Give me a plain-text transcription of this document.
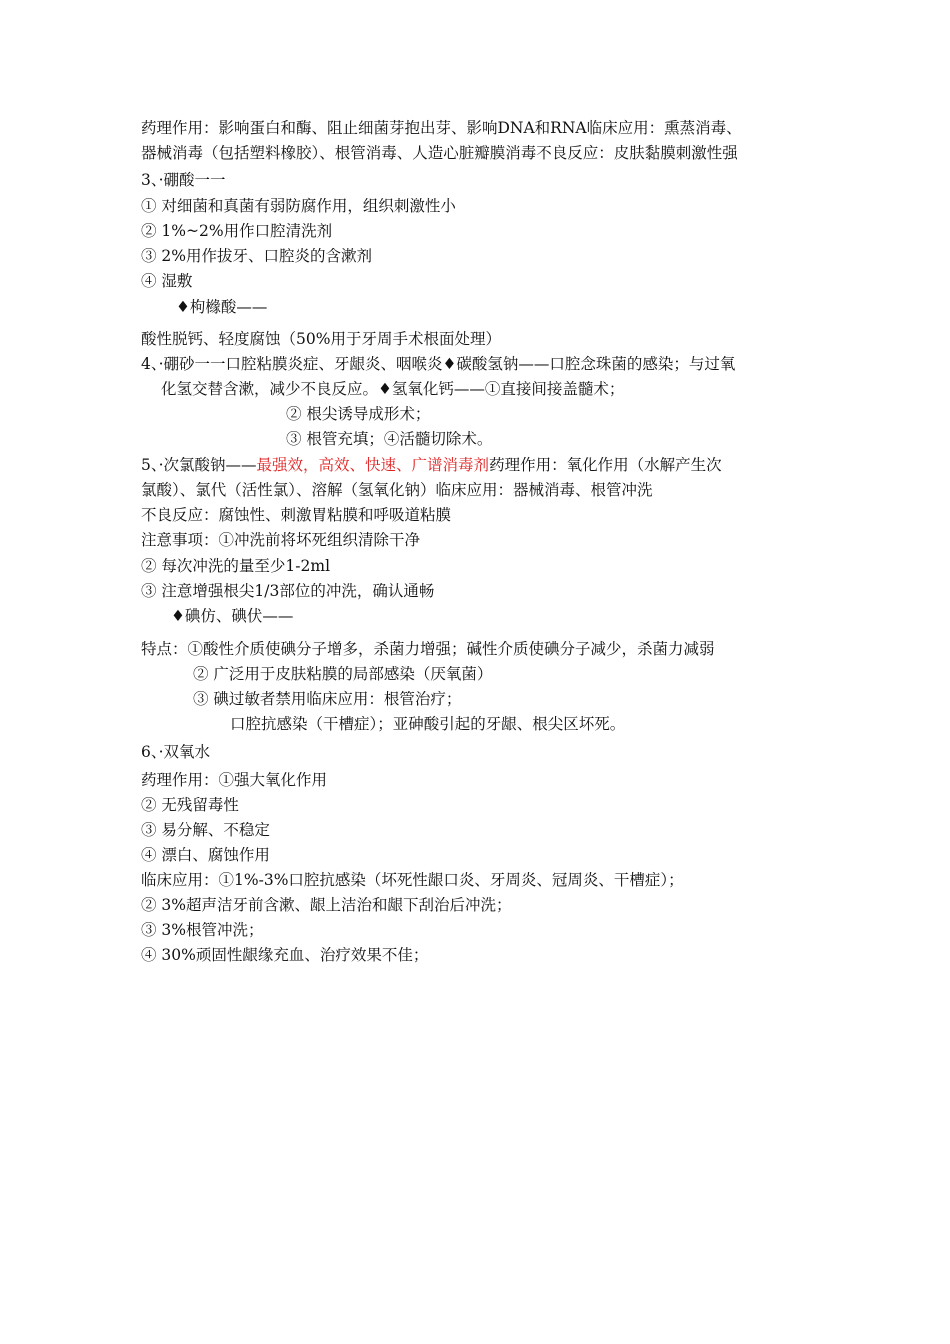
药理作用：影响蛋白和酶、阻止细菌芽抱出芽、影响DNA和RNA临床应用：熏蒸消毒、
器械消毒（包括塑料橡胶）、根管消毒、人造心脏瓣膜消毒不良反应：皮肤黏膜刺激性强
3、·硼酸一一
① 对细菌和真菌有弱防腐作用，组织刺激性小
② 1%~2%用作口腔清洗剂
③ 2%用作拔牙、口腔炎的含漱剂
④ 湿敷
♦枸橼酸——
酸性脱钙、轻度腐蚀（50%用于牙周手术根面处理）
4、·硼砂一一口腔粘膜炎症、牙龈炎、咽喉炎♦碳酸氢钠——口腔念珠菌的感染；与过氧
化氢交替含漱，减少不良反应。♦氢氧化钙——①直接间接盖髓术；
② 根尖诱导成形术；
③ 根管充填；④活髓切除术。
5、·次氯酸钠——最强效，高效、快速、广谱消毒剂药理作用：氧化作用（水解产生次
氯酸）、氯代（活性氯）、溶解（氢氧化钠）临床应用：器械消毒、根管冲洗
不良反应：腐蚀性、刺激胃粘膜和呼吸道粘膜
注意事项：①冲洗前将坏死组织清除干净
② 每次冲洗的量至少1-2ml
③ 注意增强根尖1/3部位的冲洗，确认通畅
♦碘仿、碘伏——
特点：①酸性介质使碘分子增多，杀菌力增强；碱性介质使碘分子减少，杀菌力减弱
② 广泛用于皮肤粘膜的局部感染（厌氧菌）
③ 碘过敏者禁用临床应用：根管治疗；
口腔抗感染（干槽症）；亚砷酸引起的牙龈、根尖区坏死。
6、·双氧水
药理作用：①强大氧化作用
② 无残留毒性
③ 易分解、不稳定
④ 漂白、腐蚀作用
临床应用：①1%-3%口腔抗感染（坏死性龈口炎、牙周炎、冠周炎、干槽症）；
② 3%超声洁牙前含漱、龈上洁治和龈下刮治后冲洗；
③ 3%根管冲洗；
④ 30%顽固性龈缘充血、治疗效果不佳；
